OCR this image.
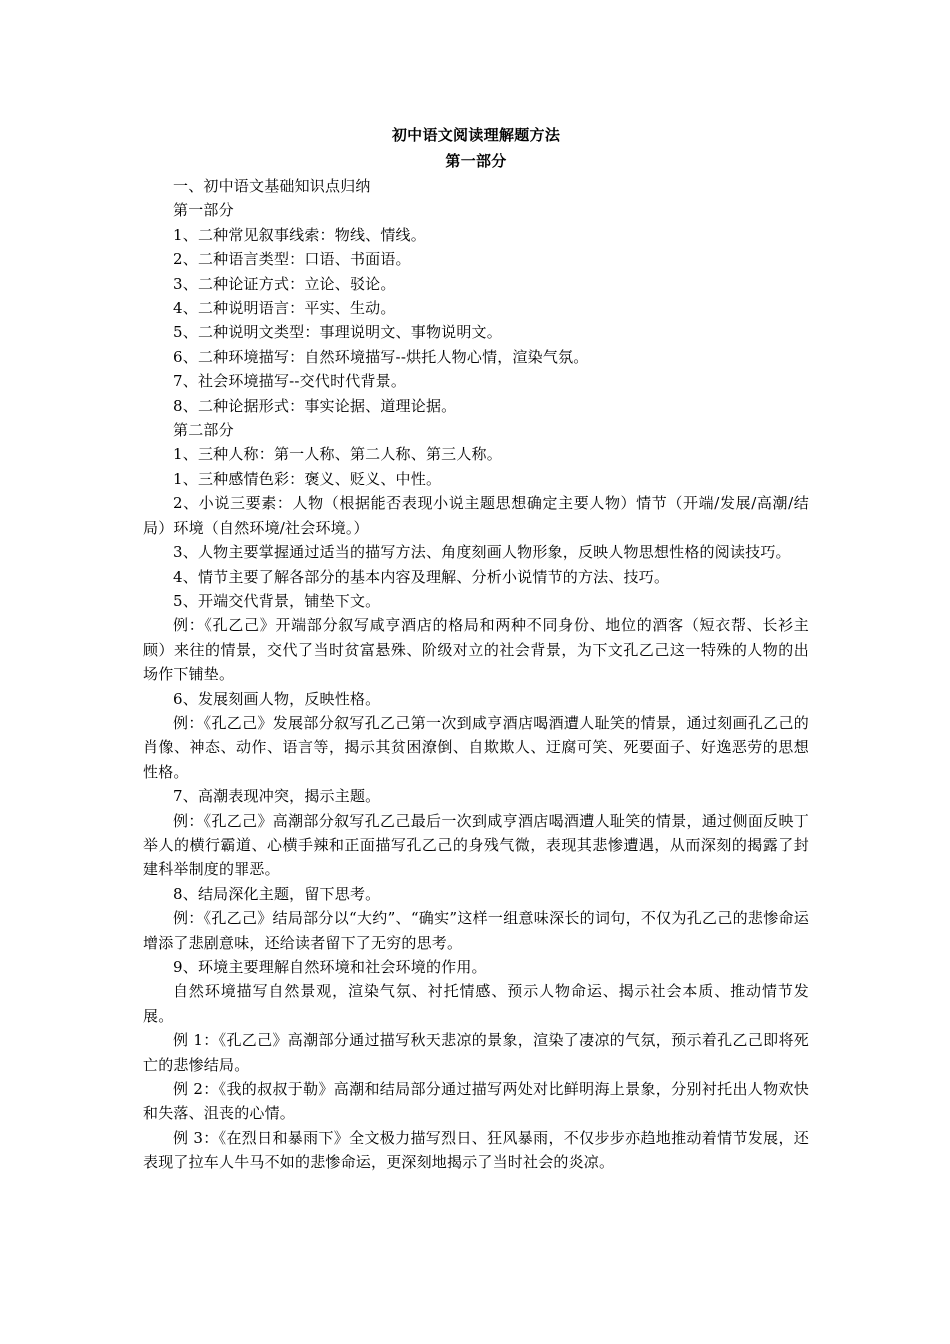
初中语文阅读理解题方法
第一部分

一、初中语文基础知识点归纳

第一部分

1、二种常见叙事线索：物线、情线。

2、二种语言类型：口语、书面语。

3、二种论证方式：立论、驳论。

4、二种说明语言：平实、生动。

5、二种说明文类型：事理说明文、事物说明文。

6、二种环境描写：自然环境描写--烘托人物心情，渲染气氛。

7、社会环境描写--交代时代背景。

8、二种论据形式：事实论据、道理论据。

第二部分

1、三种人称：第一人称、第二人称、第三人称。

1、三种感情色彩：褒义、贬义、中性。

2、小说三要素：人物（根据能否表现小说主题思想确定主要人物）情节（开端/发展/高潮/结局）环境（自然环境/社会环境。）

3、人物主要掌握通过适当的描写方法、角度刻画人物形象，反映人物思想性格的阅读技巧。

4、情节主要了解各部分的基本内容及理解、分析小说情节的方法、技巧。

5、开端交代背景，铺垫下文。

例：《孔乙己》开端部分叙写咸亨酒店的格局和两种不同身份、地位的酒客（短衣帮、长衫主顾）来往的情景，交代了当时贫富悬殊、阶级对立的社会背景，为下文孔乙己这一特殊的人物的出场作下铺垫。

6、发展刻画人物，反映性格。

例：《孔乙己》发展部分叙写孔乙己第一次到咸亨酒店喝酒遭人耻笑的情景，通过刻画孔乙己的肖像、神态、动作、语言等，揭示其贫困潦倒、自欺欺人、迂腐可笑、死要面子、好逸恶劳的思想性格。

7、高潮表现冲突，揭示主题。

例：《孔乙己》高潮部分叙写孔乙己最后一次到咸亨酒店喝酒遭人耻笑的情景，通过侧面反映丁举人的横行霸道、心横手辣和正面描写孔乙己的身残气微，表现其悲惨遭遇，从而深刻的揭露了封建科举制度的罪恶。

8、结局深化主题，留下思考。

例：《孔乙己》结局部分以“大约”、“确实”这样一组意味深长的词句，不仅为孔乙己的悲惨命运增添了悲剧意味，还给读者留下了无穷的思考。

9、环境主要理解自然环境和社会环境的作用。

自然环境描写自然景观，渲染气氛、衬托情感、预示人物命运、揭示社会本质、推动情节发展。

例 1：《孔乙己》高潮部分通过描写秋天悲凉的景象，渲染了凄凉的气氛，预示着孔乙己即将死亡的悲惨结局。

例 2：《我的叔叔于勒》高潮和结局部分通过描写两处对比鲜明海上景象，分别衬托出人物欢快和失落、沮丧的心情。

例 3：《在烈日和暴雨下》全文极力描写烈日、狂风暴雨，不仅步步亦趋地推动着情节发展，还表现了拉车人牛马不如的悲惨命运，更深刻地揭示了当时社会的炎凉。
